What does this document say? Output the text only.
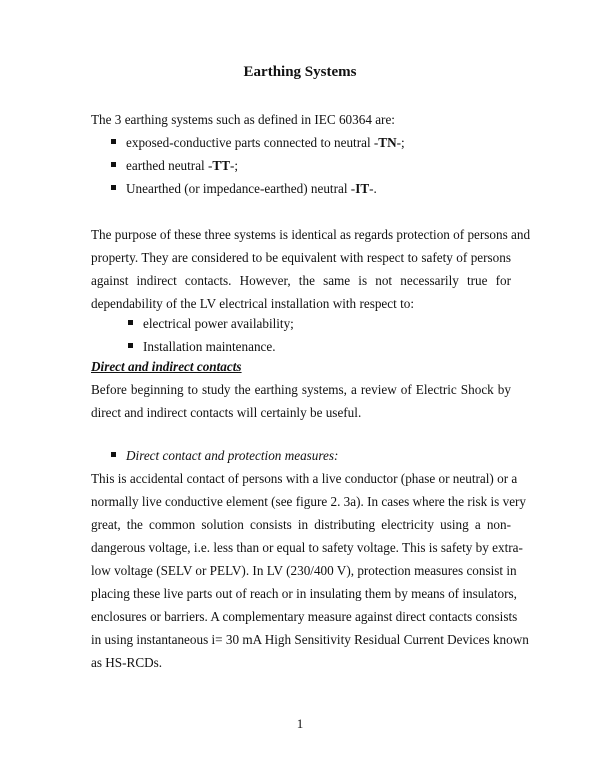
Earthing Systems
The 3 earthing systems such as defined in IEC 60364 are:
exposed-conductive parts connected to neutral -TN-;
earthed neutral -TT-;
Unearthed (or impedance-earthed) neutral -IT-.
The purpose of these three systems is identical as regards protection of persons and
property. They are considered to be equivalent with respect to safety of persons
against indirect contacts. However, the same is not necessarily true for
dependability of the LV electrical installation with respect to:
electrical power availability;
Installation maintenance.
Direct and indirect contacts
Before beginning to study the earthing systems, a review of Electric Shock by
direct and indirect contacts will certainly be useful.
Direct contact and protection measures:
This is accidental contact of persons with a live conductor (phase or neutral) or a
normally live conductive element (see figure 2. 3a). In cases where the risk is very
great, the common solution consists in distributing electricity using a non-
dangerous voltage, i.e. less than or equal to safety voltage. This is safety by extra-
low voltage (SELV or PELV). In LV (230/400 V), protection measures consist in
placing these live parts out of reach or in insulating them by means of insulators,
enclosures or barriers. A complementary measure against direct contacts consists
in using instantaneous i= 30 mA High Sensitivity Residual Current Devices known
as HS-RCDs.
1
